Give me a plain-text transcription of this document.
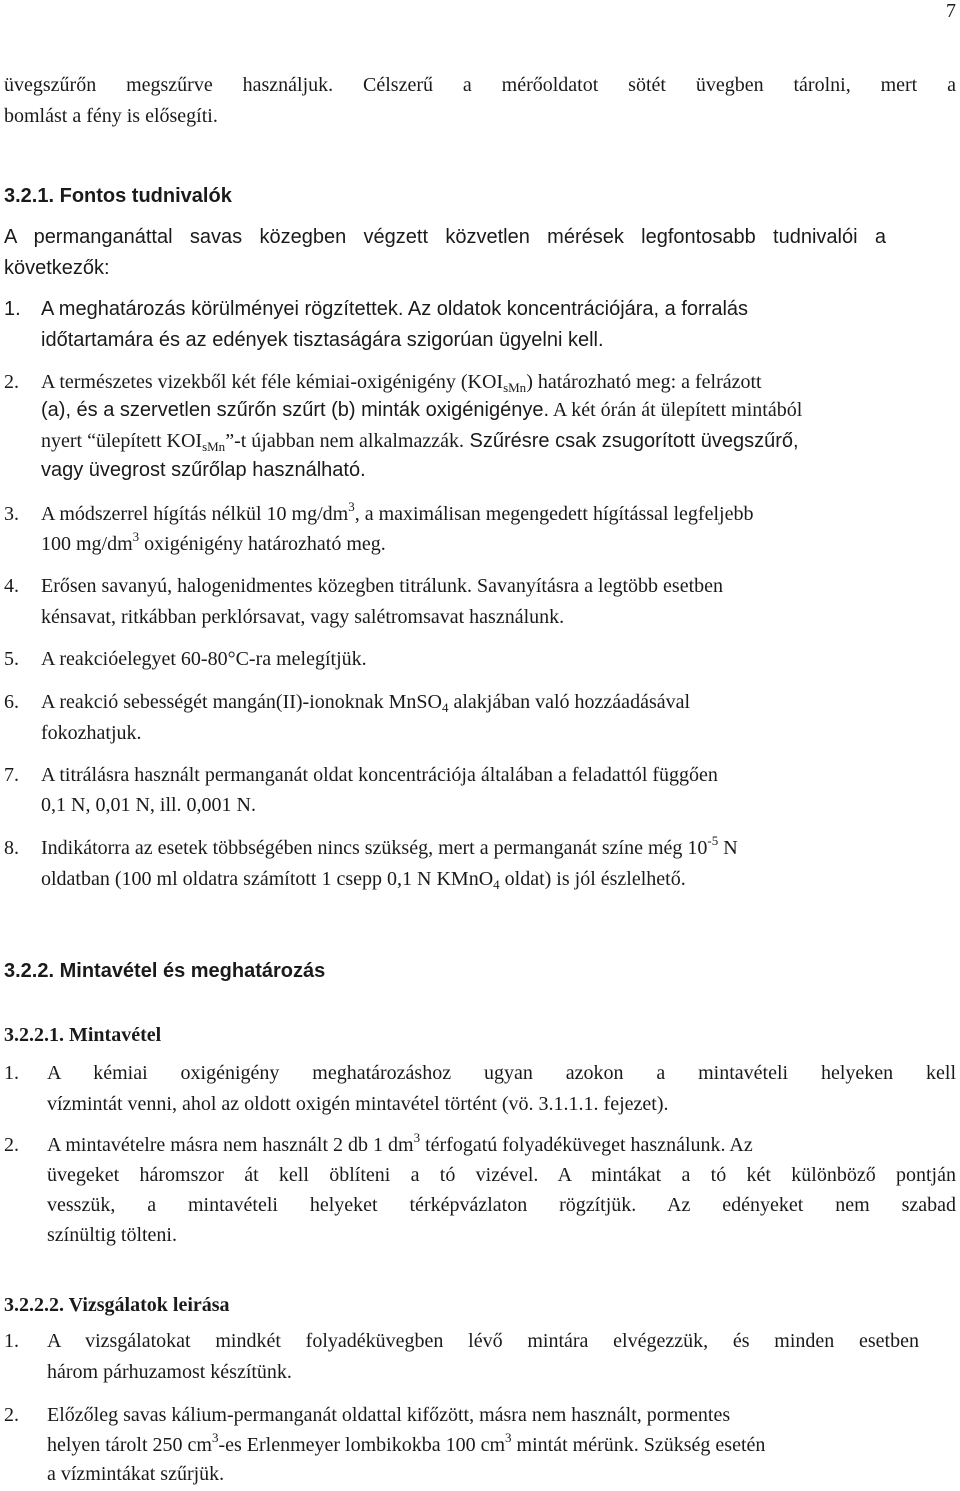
7
üvegszűrőn megszűrve használjuk. Célszerű a mérőoldatot sötét üvegben tárolni, mert a
bomlást a fény is elősegíti.
3.2.1. Fontos tudnivalók
A permanganáttal savas közegben végzett közvetlen mérések legfontosabb tudnivalói a
következők:
1. A meghatározás körülményei rögzítettek. Az oldatok koncentrációjára, a forralás
időtartamára és az edények tisztaságára szigorúan ügyelni kell.
2. A természetes vizekből két féle kémiai-oxigénigény $(KOI_{sMn})$ határozható meg: a felrázott
(a), és a szervetlen szűrőn szűrt (b) minták oxigénigénye. A két órán át ülepített mintából
nyert “ülepített $KOI_{sMn}”-t$ újabban nem alkalmazzák. Szűrésre csak zsugorított üvegszűrő,
vagy üvegrost szűrőlap használható.
3. A módszerrel hígítás nélkül 10 $mg/dm^3$, a maximálisan megengedett hígítással legfeljebb
100 $mg/dm^3$ oxigénigény határozható meg.
4. Erősen savanyú, halogenidmentes közegben titrálunk. Savanyításra a legtöbb esetben
kénsavat, ritkábban perklórsavat, vagy salétromsavat használunk.
5. A reakcióelegyet 60-80°C-ra melegítjük.
6. A reakció sebességét mangán(II)-ionoknak MnSO$_4$ alakjában való hozzáadásával
fokozhatjuk.
7. A titrálásra használt permanganát oldat koncentrációja általában a feladattól függően
0,1 N, 0,01 N, ill. 0,001 N.
8. Indikátorra az esetek többségében nincs szükség, mert a permanganát színe még $10^{-5}$ N
oldatban (100 ml oldatra számított 1 csepp 0,1 N KMnO$_4$ oldat) is jól észlelhető.
3.2.2. Mintavétel és meghatározás
3.2.2.1. Mintavétel
1. A kémiai oxigénigény meghatározáshoz ugyan azokon a mintavételi helyeken kell
vízmintát venni, ahol az oldott oxigén mintavétel történt (vö. 3.1.1.1. fejezet).
2. A mintavételre másra nem használt 2 db 1 $dm^3$ térfogatú folyadéküveget használunk. Az
üvegeket háromszor át kell öblíteni a tó vizével. A mintákat a tó két különböző pontján
vesszük, a mintavételi helyeket térképvázlaton rögzítjük. Az edényeket nem szabad
színültig tölteni.
3.2.2.2. Vizsgálatok leirása
1. A vizsgálatokat mindkét folyadéküvegben lévő mintára elvégezzük, és minden esetben
három párhuzamost készítünk.
2. Előzőleg savas kálium-permanganát oldattal kifőzött, másra nem használt, pormentes
helyen tárolt 250 $cm^3-es$ Erlenmeyer lombikokba 100 $cm^3$ mintát mérünk. Szükség esetén
a vízmintákat szűrjük.
